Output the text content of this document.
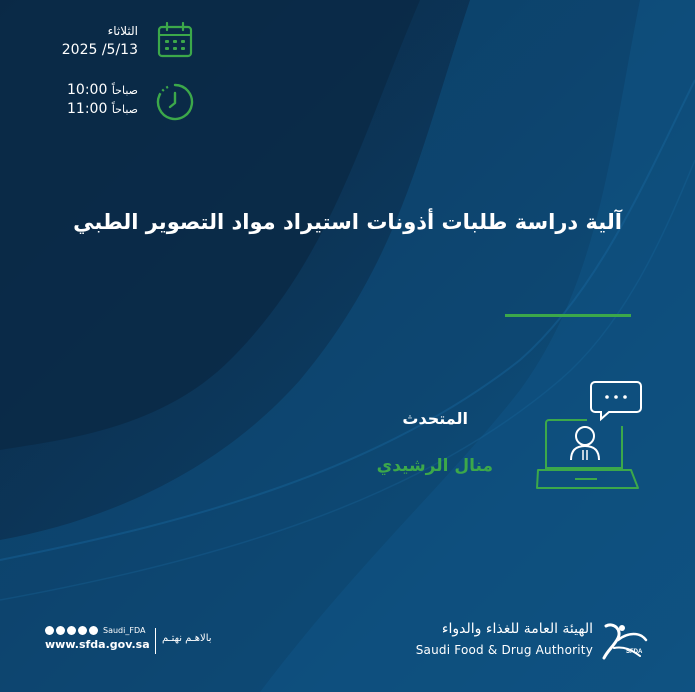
الثلاثاء
2025 /5/13
صباحاً 10:00
صباحاً 11:00
آلية دراسة طلبات أذونات استيراد مواد التصوير الطبي
المتحدث
منال الرشيدي
Saudi_FDA
www.sfda.gov.sa بالاهـم نهتـم
الهيئة العامة للغذاء والدواء
Saudi Food & Drug Authority	SFDA
